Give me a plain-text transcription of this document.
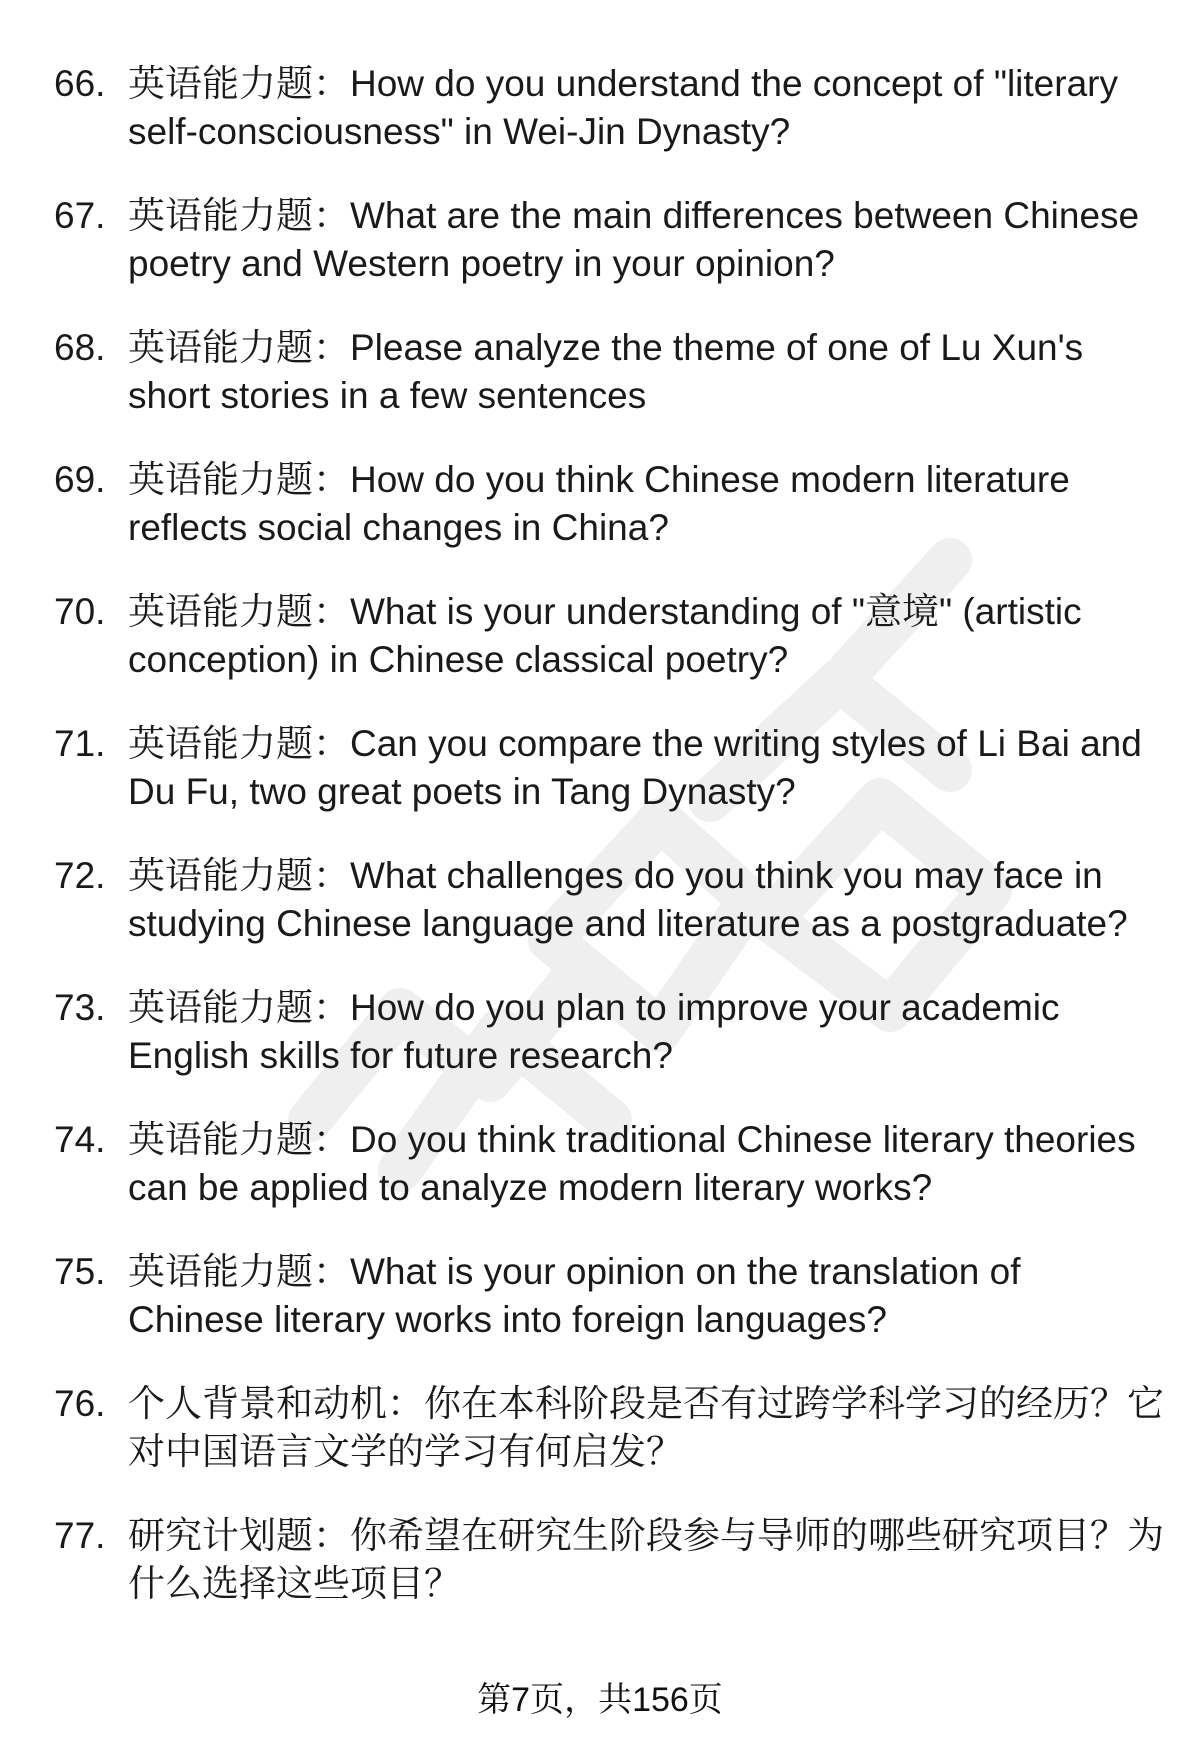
66. 英语能力题：How do you understand the concept of "literary self-consciousness" in Wei-Jin Dynasty?
67. 英语能力题：What are the main differences between Chinese poetry and Western poetry in your opinion?
68. 英语能力题：Please analyze the theme of one of Lu Xun's short stories in a few sentences
69. 英语能力题：How do you think Chinese modern literature reflects social changes in China?
70. 英语能力题：What is your understanding of "意境" (artistic conception) in Chinese classical poetry?
71. 英语能力题：Can you compare the writing styles of Li Bai and Du Fu, two great poets in Tang Dynasty?
72. 英语能力题：What challenges do you think you may face in studying Chinese language and literature as a postgraduate?
73. 英语能力题：How do you plan to improve your academic English skills for future research?
74. 英语能力题：Do you think traditional Chinese literary theories can be applied to analyze modern literary works?
75. 英语能力题：What is your opinion on the translation of Chinese literary works into foreign languages?
76. 个人背景和动机：你在本科阶段是否有过跨学科学习的经历？它对中国语言文学的学习有何启发？
77. 研究计划题：你希望在研究生阶段参与导师的哪些研究项目？为什么选择这些项目？
第7页，共156页
